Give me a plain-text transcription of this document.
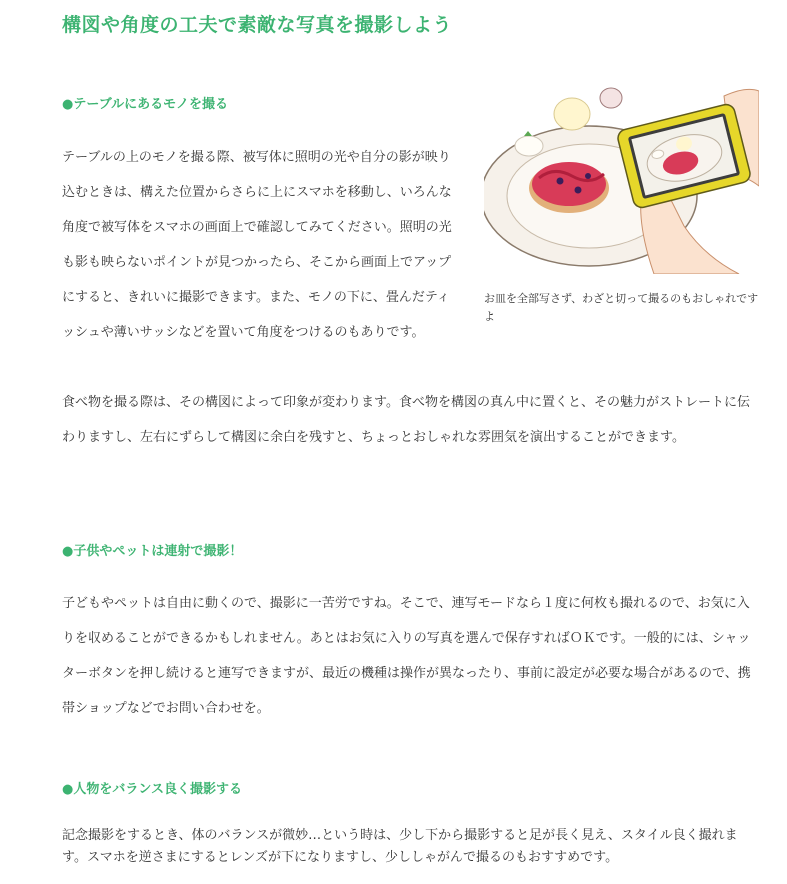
構図や角度の工夫で素敵な写真を撮影しよう
●テーブルにあるモノを撮る

テーブルの上のモノを撮る際、被写体に照明の光や自分の影が映り込むときは、構えた位置からさらに上にスマホを移動し、いろんな角度で被写体をスマホの画面上で確認してみてください。照明の光も影も映らないポイントが見つかったら、そこから画面上でアップにすると、きれいに撮影できます。また、モノの下に、畳んだティッシュや薄いサッシなどを置いて角度をつけるのもありです。

食べ物を撮る際は、その構図によって印象が変わります。食べ物を構図の真ん中に置くと、その魅力がストレートに伝わりますし、左右にずらして構図に余白を残すと、ちょっとおしゃれな雰囲気を演出することができます。

お皿を全部写さず、わざと切って撮るのもおしゃれですよ
●子供やペットは連射で撮影！

子どもやペットは自由に動くので、撮影に一苦労ですね。そこで、連写モードなら１度に何枚も撮れるので、お気に入りを収めることができるかもしれません。あとはお気に入りの写真を選んで保存すればＯＫです。一般的には、シャッターボタンを押し続けると連写できますが、最近の機種は操作が異なったり、事前に設定が必要な場合があるので、携帯ショップなどでお問い合わせを。

●人物をバランス良く撮影する

記念撮影をするとき、体のバランスが微妙…という時は、少し下から撮影すると足が長く見え、スタイル良く撮れます。スマホを逆さまにするとレンズが下になりますし、少ししゃがんで撮るのもおすすめです。
